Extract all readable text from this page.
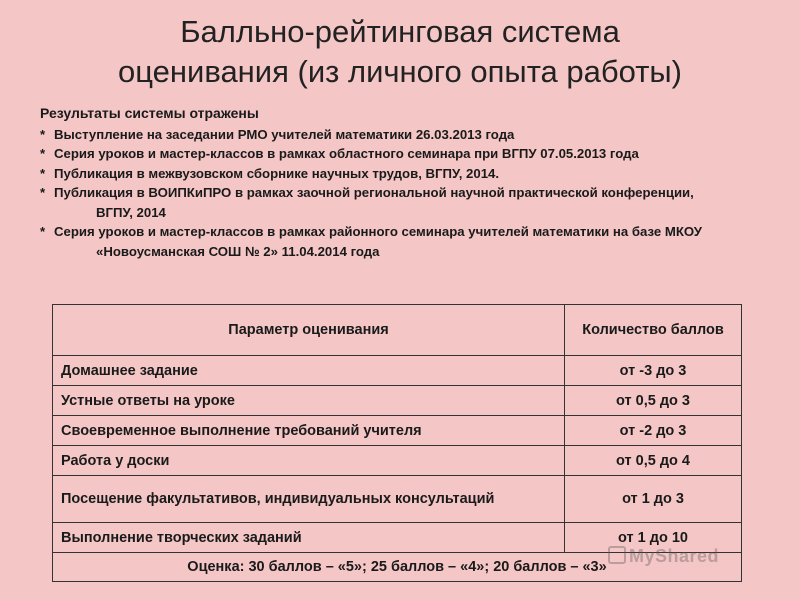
Балльно-рейтинговая система
оценивания (из личного опыта работы)
Результаты системы отражены
* Выступление на заседании РМО учителей математики 26.03.2013 года
* Серия уроков и мастер-классов в рамках областного семинара при ВГПУ 07.05.2013 года
* Публикация в межвузовском сборнике научных трудов, ВГПУ, 2014.
* Публикация в ВОИПКиПРО в рамках заочной региональной научной практической конференции, ВГПУ, 2014
* Серия уроков и мастер-классов в рамках районного семинара учителей математики на базе МКОУ «Новоусманская СОШ № 2» 11.04.2014 года
Параметр оценивания	Количество баллов
Домашнее задание	от -3 до 3
Устные ответы на уроке	от 0,5 до 3
Своевременное выполнение требований учителя	от -2 до 3
Работа у доски	от 0,5 до 4
Посещение факультативов, индивидуальных консультаций	от 1 до 3
Выполнение творческих заданий	от 1 до 10
Оценка: 30 баллов – «5»; 25 баллов – «4»; 20 баллов – «3»	
MyShared
